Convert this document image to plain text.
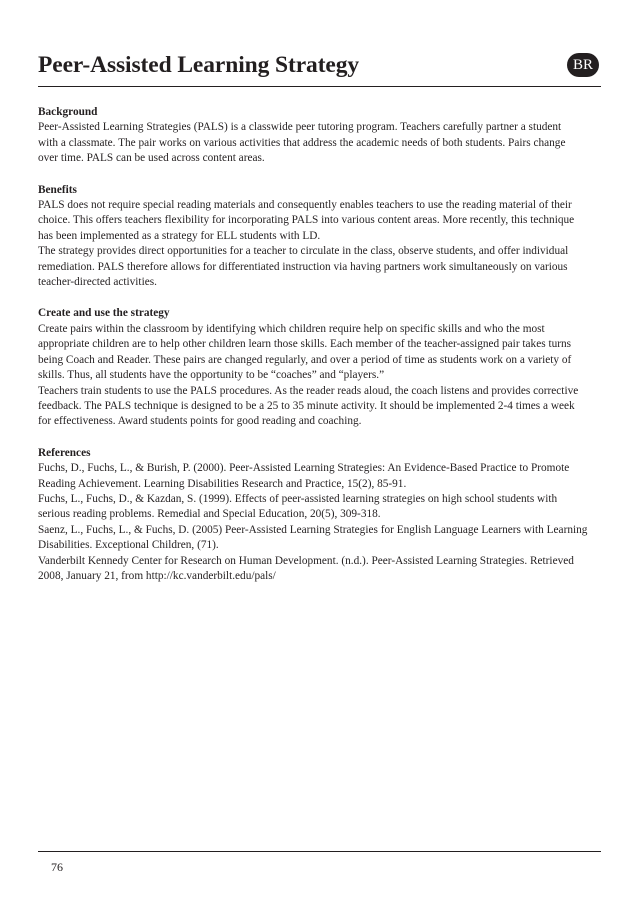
Peer-Assisted Learning Strategy	BR

Background

Peer-Assisted Learning Strategies (PALS) is a classwide peer tutoring program. Teachers carefully partner a student

with a classmate. The pair works on various activities that address the academic needs of both students. Pairs change

over time. PALS can be used across content areas.

Benefits

PALS does not require special reading materials and consequently enables teachers to use the reading material of their

choice. This offers teachers flexibility for incorporating PALS into various content areas. More recently, this technique

has been implemented as a strategy for ELL students with LD.

The strategy provides direct opportunities for a teacher to circulate in the class, observe students, and offer individual

remediation. PALS therefore allows for differentiated instruction via having partners work simultaneously on various

teacher-directed activities.

Create and use the strategy

Create pairs within the classroom by identifying which children require help on specific skills and who the most

appropriate children are to help other children learn those skills. Each member of the teacher-assigned pair takes turns

being Coach and Reader. These pairs are changed regularly, and over a period of time as students work on a variety of

skills. Thus, all students have the opportunity to be “coaches” and “players.”

Teachers train students to use the PALS procedures. As the reader reads aloud, the coach listens and provides corrective

feedback. The PALS technique is designed to be a 25 to 35 minute activity. It should be implemented 2-4 times a week

for effectiveness. Award students points for good reading and coaching.

References

Fuchs, D., Fuchs, L., & Burish, P. (2000). Peer-Assisted Learning Strategies: An Evidence-Based Practice to Promote

Reading Achievement. Learning Disabilities Research and Practice, 15(2), 85-91.

Fuchs, L., Fuchs, D., & Kazdan, S. (1999). Effects of peer-assisted learning strategies on high school students with

serious reading problems. Remedial and Special Education, 20(5), 309-318.

Saenz, L., Fuchs, L., & Fuchs, D. (2005) Peer-Assisted Learning Strategies for English Language Learners with Learning

Disabilities. Exceptional Children, (71).

Vanderbilt Kennedy Center for Research on Human Development. (n.d.). Peer-Assisted Learning Strategies. Retrieved

2008, January 21, from http://kc.vanderbilt.edu/pals/

76
